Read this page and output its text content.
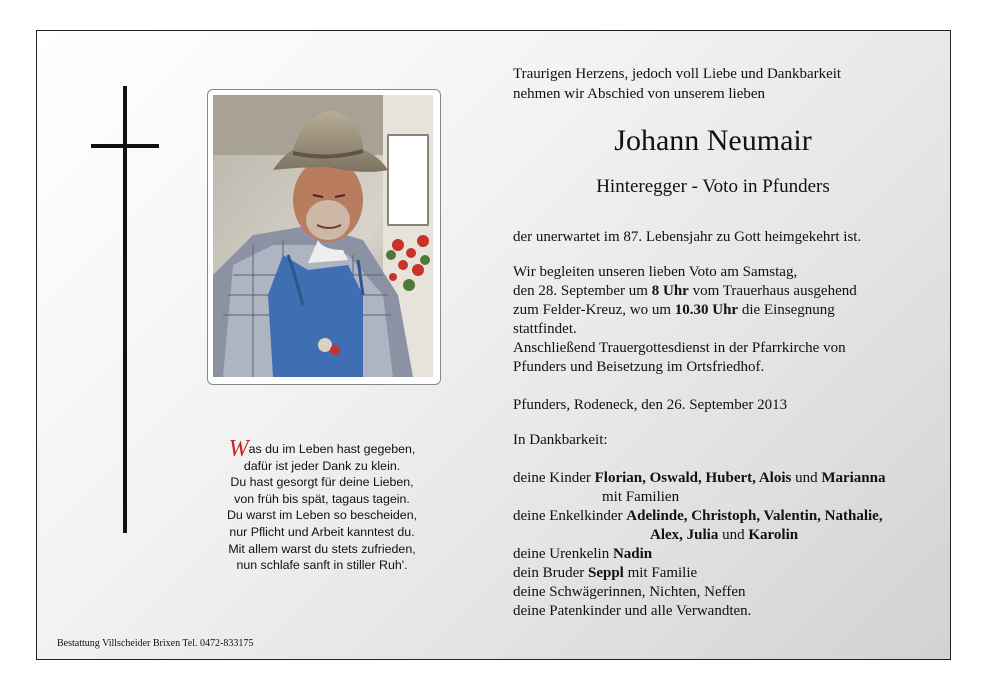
Was du im Leben hast gegeben,
dafür ist jeder Dank zu klein.
Du hast gesorgt für deine Lieben,
von früh bis spät, tagaus tagein.
Du warst im Leben so bescheiden,
nur Pflicht und Arbeit kanntest du.
Mit allem warst du stets zufrieden,
nun schlafe sanft in stiller Ruh'.
Traurigen Herzens, jedoch voll Liebe und Dankbarkeit
nehmen wir Abschied von unserem lieben
Johann Neumair
Hinteregger - Voto in Pfunders
der unerwartet im 87. Lebensjahr zu Gott heimgekehrt ist.
Wir begleiten unseren lieben Voto am Samstag,
den 28. September um 8 Uhr vom Trauerhaus ausgehend
zum Felder-Kreuz, wo um 10.30 Uhr die Einsegnung
stattfindet.
Anschließend Trauergottesdienst in der Pfarrkirche von
Pfunders und Beisetzung im Ortsfriedhof.
Pfunders, Rodeneck, den 26. September 2013
In Dankbarkeit:
deine Kinder Florian, Oswald, Hubert, Alois und Marianna
mit Familien
deine Enkelkinder Adelinde, Christoph, Valentin, Nathalie,
Alex, Julia und Karolin
deine Urenkelin Nadin
dein Bruder Seppl mit Familie
deine Schwägerinnen, Nichten, Neffen
deine Patenkinder und alle Verwandten.
Bestattung Villscheider Brixen Tel. 0472-833175
